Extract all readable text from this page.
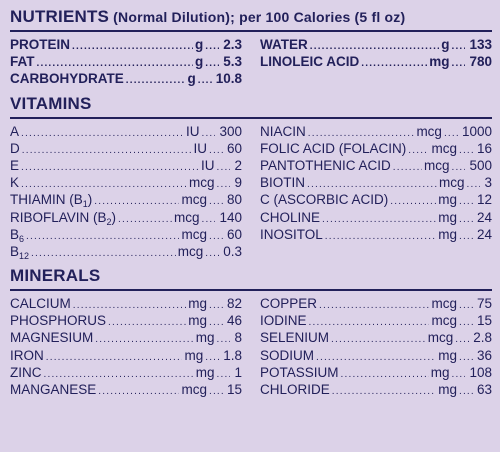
NUTRIENTS (Normal Dilution); per 100 Calories (5 fl oz)
PROTEIN .....	g ..... 2.3
FAT .....	g ..... 5.3
CARBOHYDRATE .....	g ..... 10.8
WATER .....	g ..... 133
LINOLEIC ACID .....	mg ..... 780
VITAMINS
A .....	IU ..... 300
D .....	IU ..... 60
E .....	IU ..... 2
K .....	mcg ..... 9
THIAMIN $(B_1)$ .....	mcg ..... 80
RIBOFLAVIN $(B_2)$ .....	mcg ..... 140
$B_6$ .....	mcg ..... 60
$B_{12}$ .....	mcg ..... 0.3
NIACIN .....	mcg ..... 1000
FOLIC ACID (FOLACIN) ..... mcg ..... 16
PANTOTHENIC ACID ..... mcg ..... 500
BIOTIN .....	mcg ..... 3
C (ASCORBIC ACID) .....	mg ..... 12
CHOLINE .....	mg ..... 24
INOSITOL .....	mg ..... 24
MINERALS
CALCIUM .....	mg ..... 82
PHOSPHORUS .....	mg ..... 46
MAGNESIUM .....	mg ..... 8
IRON .....	mg ..... 1.8
ZINC .....	mg ..... 1
MANGANESE .....	mcg ..... 15
COPPER .....	mcg ..... 75
IODINE .....	mcg ..... 15
SELENIUM .....	mcg ..... 2.8
SODIUM .....	mg ..... 36
POTASSIUM .....	mg ..... 108
CHLORIDE .....	mg ..... 63
